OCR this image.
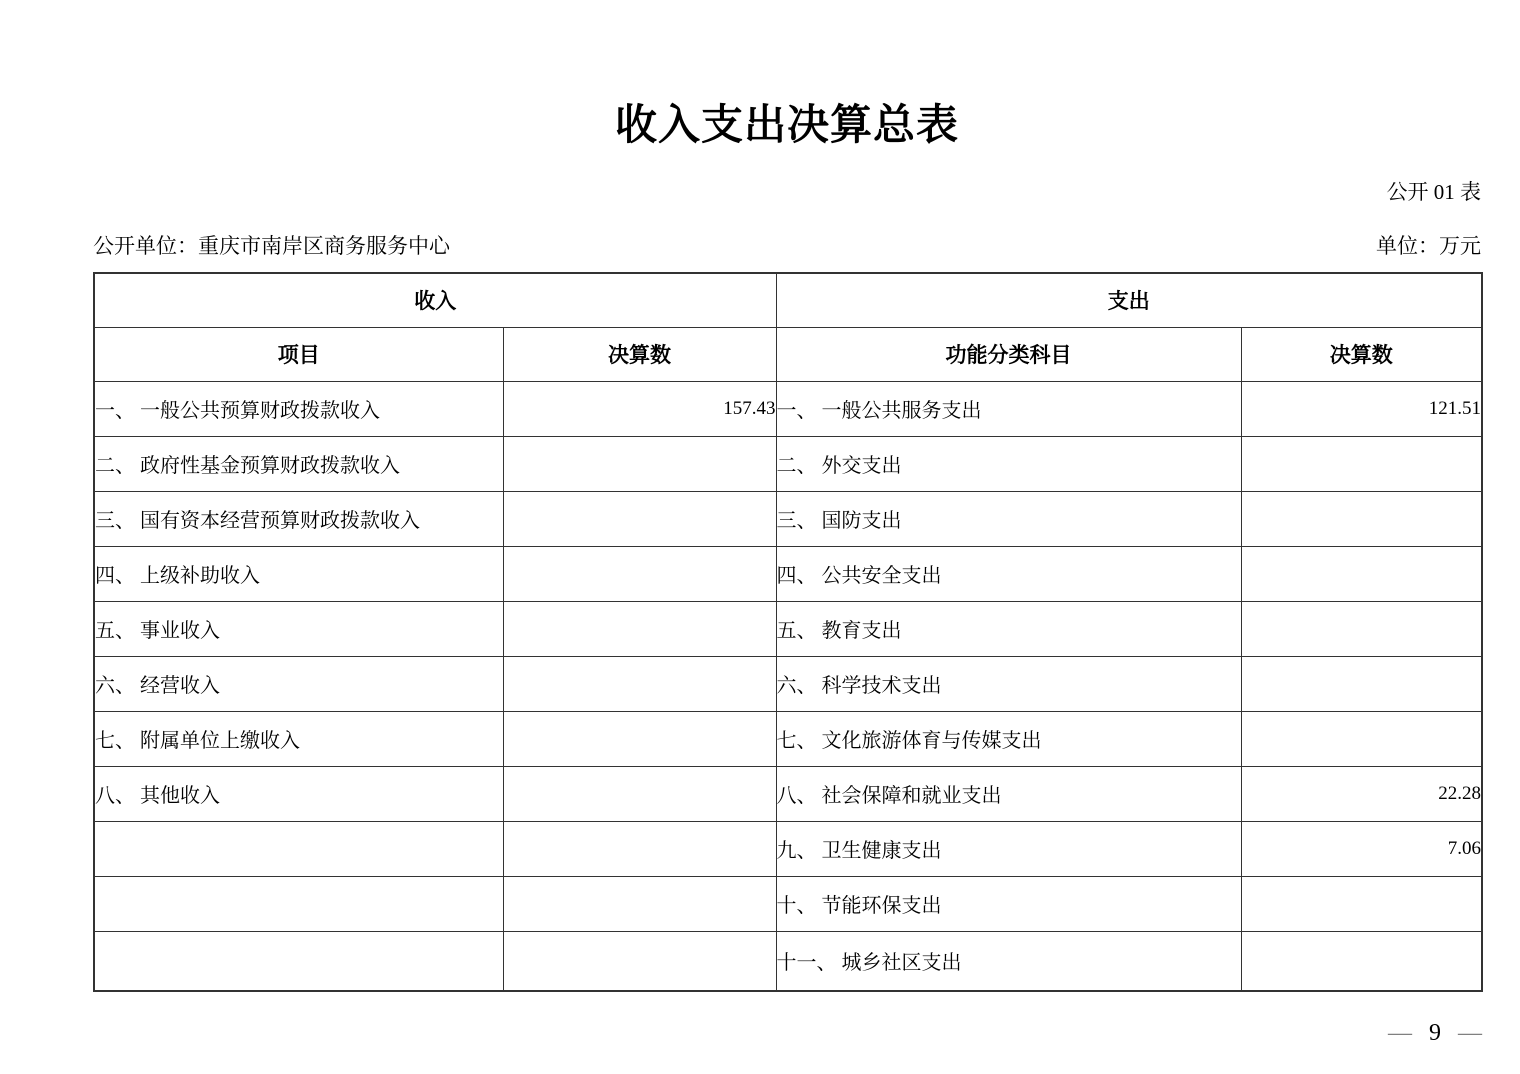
收入支出决算总表
公开 01 表
公开单位：重庆市南岸区商务服务中心	单位：万元
收入		支出	
项目	决算数	功能分类科目	决算数
一、 一般公共预算财政拨款收入	157.43	一、 一般公共服务支出	121.51
二、 政府性基金预算财政拨款收入		二、 外交支出	
三、 国有资本经营预算财政拨款收入		三、 国防支出	
四、 上级补助收入		四、 公共安全支出	
五、 事业收入		五、 教育支出	
六、 经营收入		六、 科学技术支出	
七、 附属单位上缴收入		七、 文化旅游体育与传媒支出	
八、 其他收入		八、 社会保障和就业支出	22.28
		九、 卫生健康支出	7.06
		十、 节能环保支出	
		十一、 城乡社区支出	
— 9 —
